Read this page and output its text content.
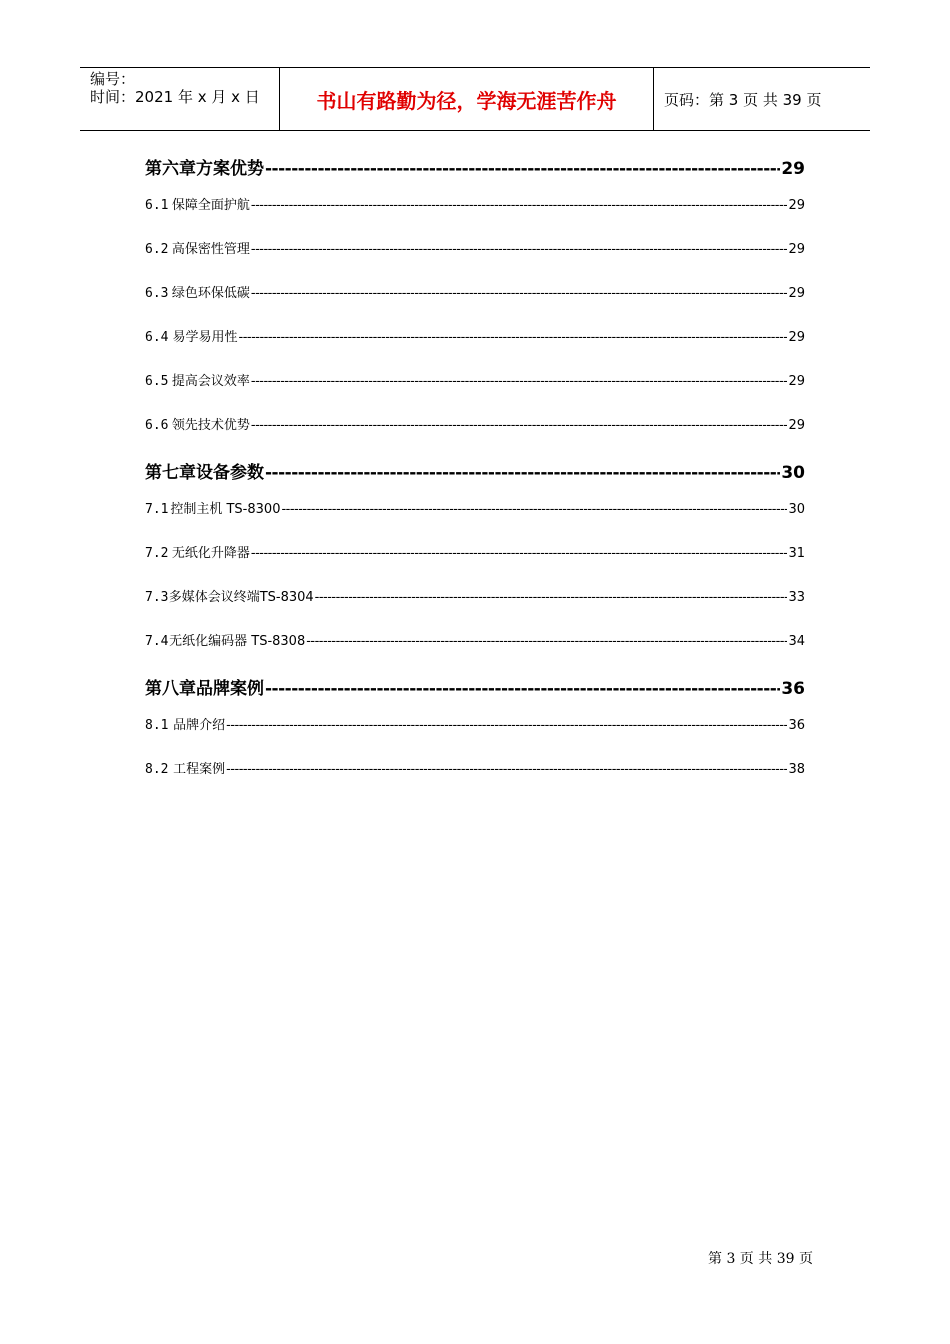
编号：
时间：2021 年 x 月 x 日	书山有路勤为径，学海无涯苦作舟	页码：第 3 页 共 39 页
第六章 方案优势 -----	29
6.1 保障全面护航 -----	29
6.2 高保密性管理 -----	29
6.3 绿色环保低碳 -----	29
6.4 易学易用性 -----	29
6.5 提高会议效率 -----	29
6.6 领先技术优势 -----	29
第七章 设备参数 -----	30
7.1 控制主机 TS-8300 -----	30
7.2 无纸化升降器 -----	31
7.3 多媒体会议终端TS-8304 -----	33
7.4 无纸化编码器 TS-8308 -----	34
第八章 品牌案例 -----	36
8.1 品牌介绍 -----	36
8.2 工程案例 -----	38
第 3 页 共 39 页
